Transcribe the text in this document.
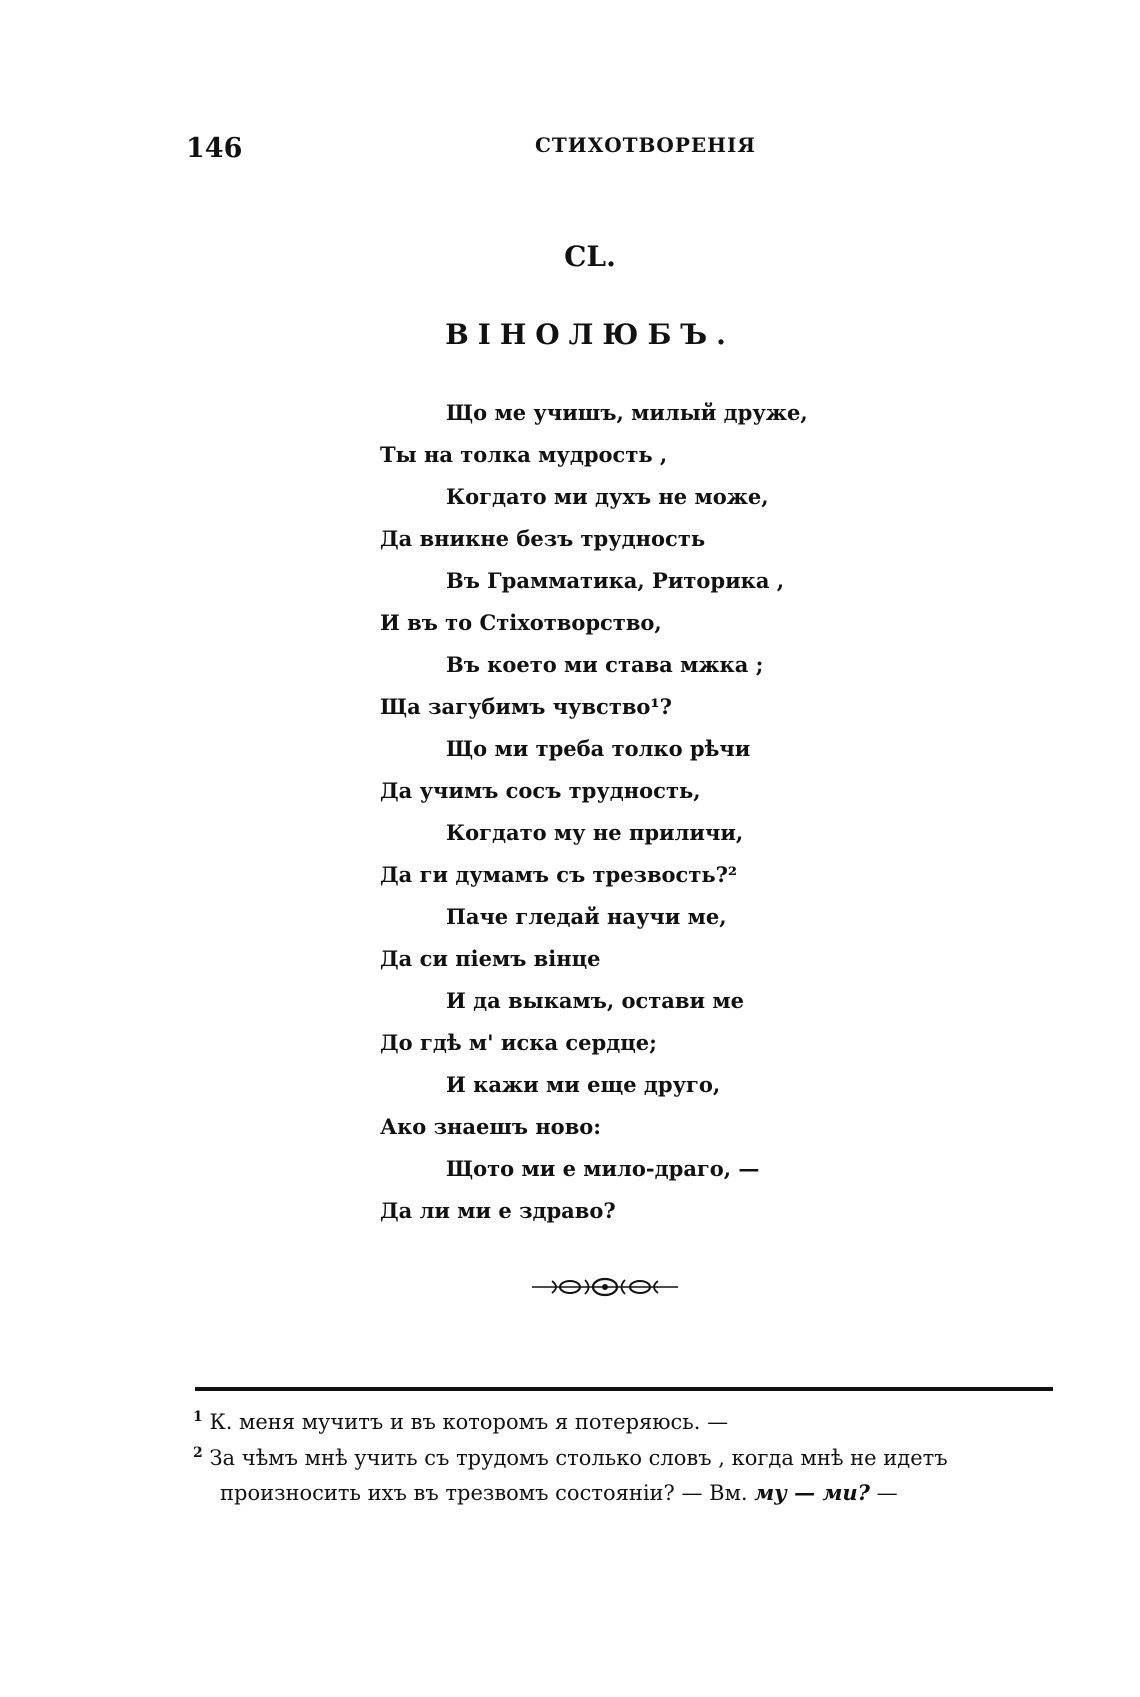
146	СТИХОТВОРЕНІЯ
CL.
ВІНОЛЮБЪ.
Що ме учишъ, милый друже,
Ты на толка мудрость ,
Когдато ми духъ не може,
Да вникне безъ трудность
Въ Грамматика, Риторика ,
И въ то Стіхотворство,
Въ което ми става мжка ;
Ща загубимъ чувство¹?
Що ми треба толко рѣчи
Да учимъ сосъ трудность,
Когдато му не приличи,
Да ги думамъ съ трезвость?²
Паче гледай научи ме,
Да си піемъ вінце
И да выкамъ, остави ме
До гдѣ м' иска сердце;
И кажи ми еще друго,
Ако знаешъ ново:
Щото ми е мило-драго, —
Да ли ми е здраво?
$^1$ К. меня мучитъ и въ которомъ я потеряюсь. —
$^2$ За чѣмъ мнѣ учить съ трудомъ столько словъ , когда мнѣ не идетъ
произносить ихъ въ трезвомъ состояніи? — Вм. му — ми? —
